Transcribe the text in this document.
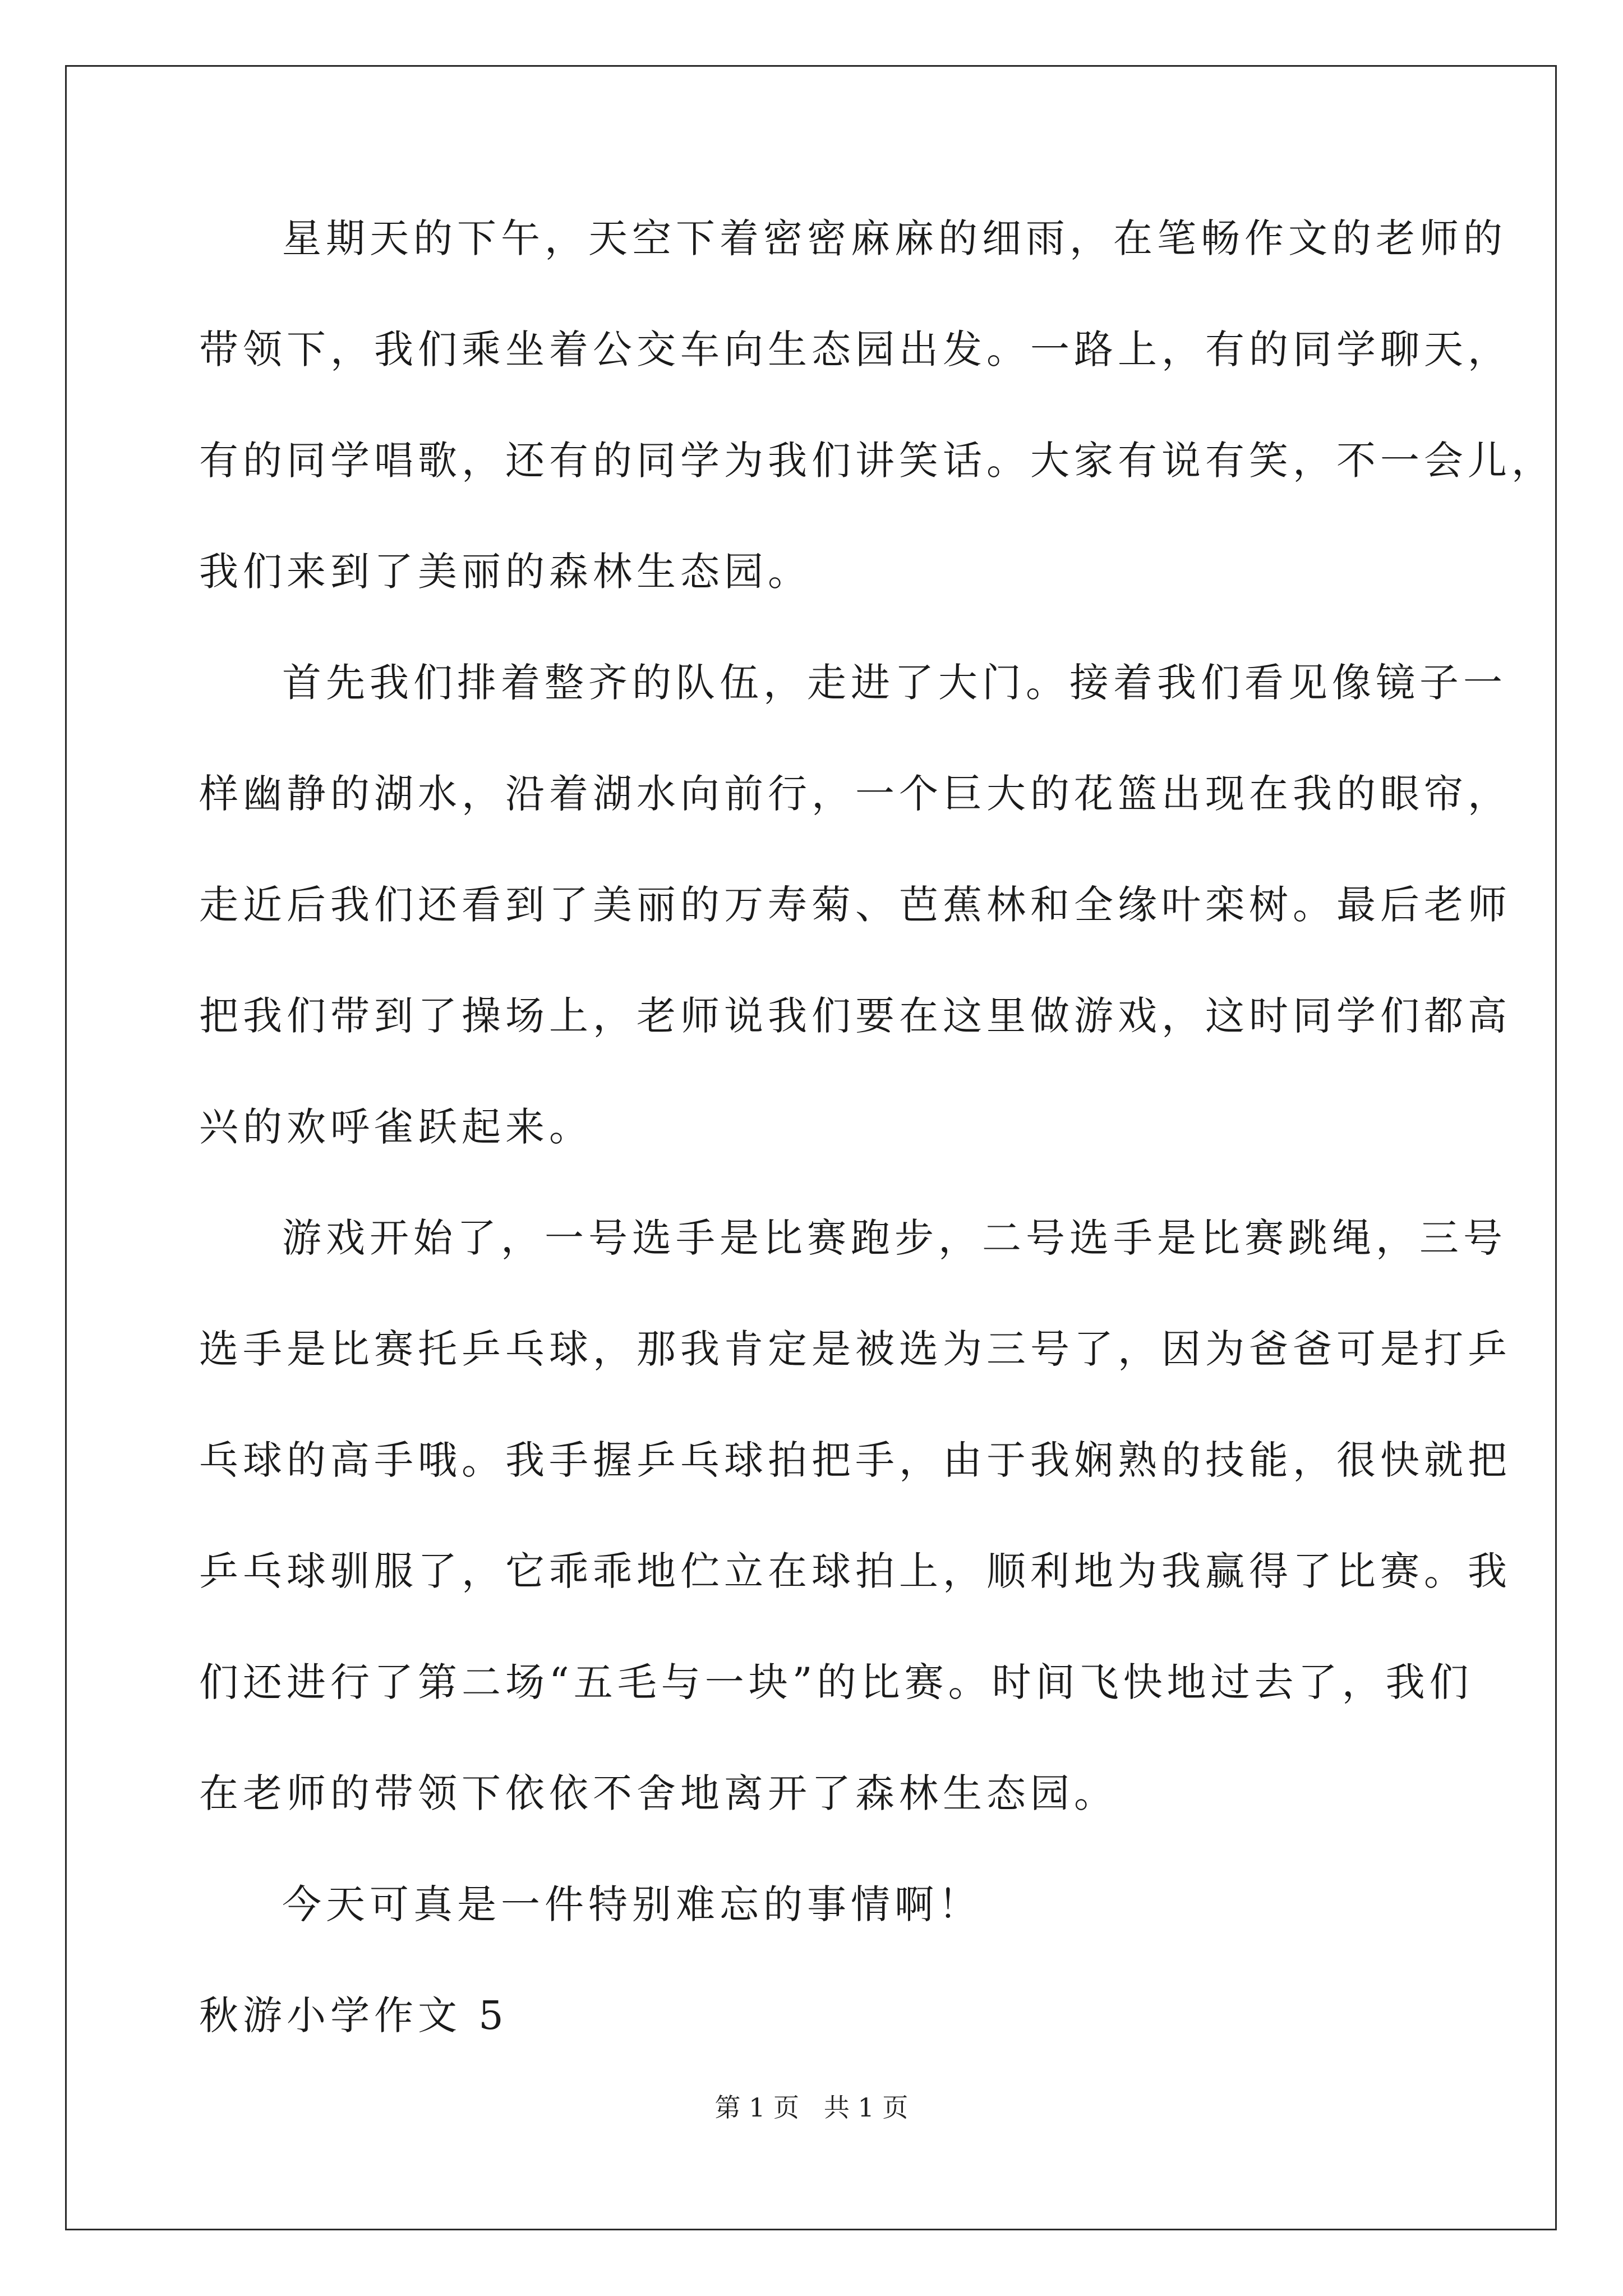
星期天的下午，天空下着密密麻麻的细雨，在笔畅作文的老师的
带领下，我们乘坐着公交车向生态园出发。一路上，有的同学聊天，
有的同学唱歌，还有的同学为我们讲笑话。大家有说有笑，不一会儿，
我们来到了美丽的森林生态园。
首先我们排着整齐的队伍，走进了大门。接着我们看见像镜子一
样幽静的湖水，沿着湖水向前行，一个巨大的花篮出现在我的眼帘，
走近后我们还看到了美丽的万寿菊、芭蕉林和全缘叶栾树。最后老师
把我们带到了操场上，老师说我们要在这里做游戏，这时同学们都高
兴的欢呼雀跃起来。
游戏开始了，一号选手是比赛跑步，二号选手是比赛跳绳，三号
选手是比赛托乒乓球，那我肯定是被选为三号了，因为爸爸可是打乒
乓球的高手哦。我手握乒乓球拍把手，由于我娴熟的技能，很快就把
乒乓球驯服了，它乖乖地伫立在球拍上，顺利地为我赢得了比赛。我
们还进行了第二场“五毛与一块”的比赛。时间飞快地过去了，我们
在老师的带领下依依不舍地离开了森林生态园。
今天可真是一件特别难忘的事情啊！
秋游小学作文 5
第 1 页   共 1 页
